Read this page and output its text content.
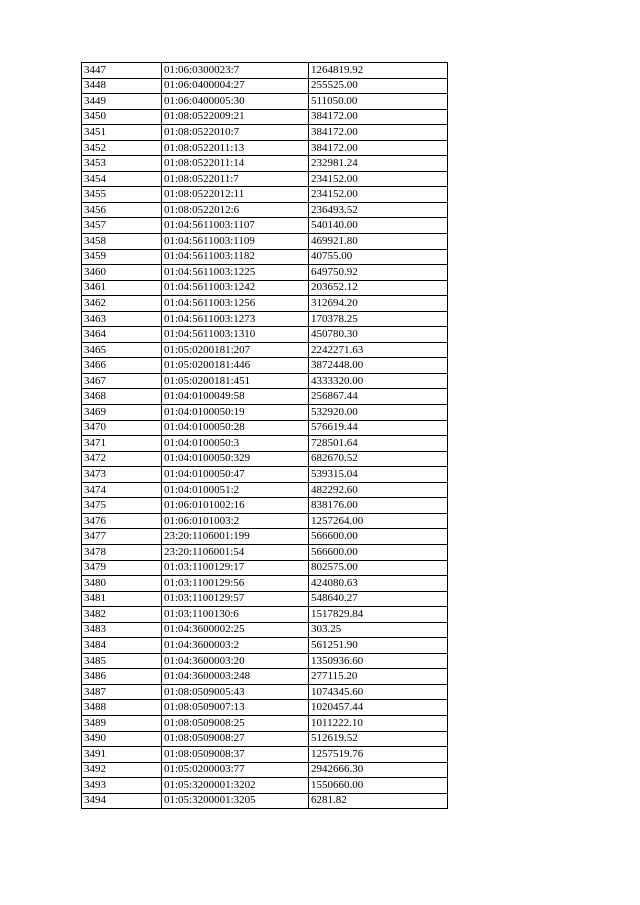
3447	01:06:0300023:7	1264819.92
3448	01:06:0400004:27	255525.00
3449	01:06:0400005:30	511050.00
3450	01:08:0522009:21	384172.00
3451	01:08:0522010:7	384172.00
3452	01:08:0522011:13	384172.00
3453	01:08:0522011:14	232981.24
3454	01:08:0522011:7	234152.00
3455	01:08:0522012:11	234152.00
3456	01:08:0522012:6	236493.52
3457	01:04:5611003:1107	540140.00
3458	01:04:5611003:1109	469921.80
3459	01:04:5611003:1182	40755.00
3460	01:04:5611003:1225	649750.92
3461	01:04:5611003:1242	203652.12
3462	01:04:5611003:1256	312694.20
3463	01:04:5611003:1273	170378.25
3464	01:04:5611003:1310	450780.30
3465	01:05:0200181:207	2242271.63
3466	01:05:0200181:446	3872448.00
3467	01:05:0200181:451	4333320.00
3468	01:04:0100049:58	256867.44
3469	01:04:0100050:19	532920.00
3470	01:04:0100050:28	576619.44
3471	01:04:0100050:3	728501.64
3472	01:04:0100050:329	682670.52
3473	01:04:0100050:47	539315.04
3474	01:04:0100051:2	482292.60
3475	01:06:0101002:16	838176.00
3476	01:06:0101003:2	1257264.00
3477	23:20:1106001:199	566600.00
3478	23:20:1106001:54	566600.00
3479	01:03:1100129:17	802575.00
3480	01:03:1100129:56	424080.63
3481	01:03:1100129:57	548640.27
3482	01:03:1100130:6	1517829.84
3483	01:04:3600002:25	303.25
3484	01:04:3600003:2	561251.90
3485	01:04:3600003:20	1350936.60
3486	01:04:3600003:248	277115.20
3487	01:08:0509005:43	1074345.60
3488	01:08:0509007:13	1020457.44
3489	01:08:0509008:25	1011222.10
3490	01:08:0509008:27	512619.52
3491	01:08:0509008:37	1257519.76
3492	01:05:0200003:77	2942666.30
3493	01:05:3200001:3202	1550660.00
3494	01:05:3200001:3205	6281.82
